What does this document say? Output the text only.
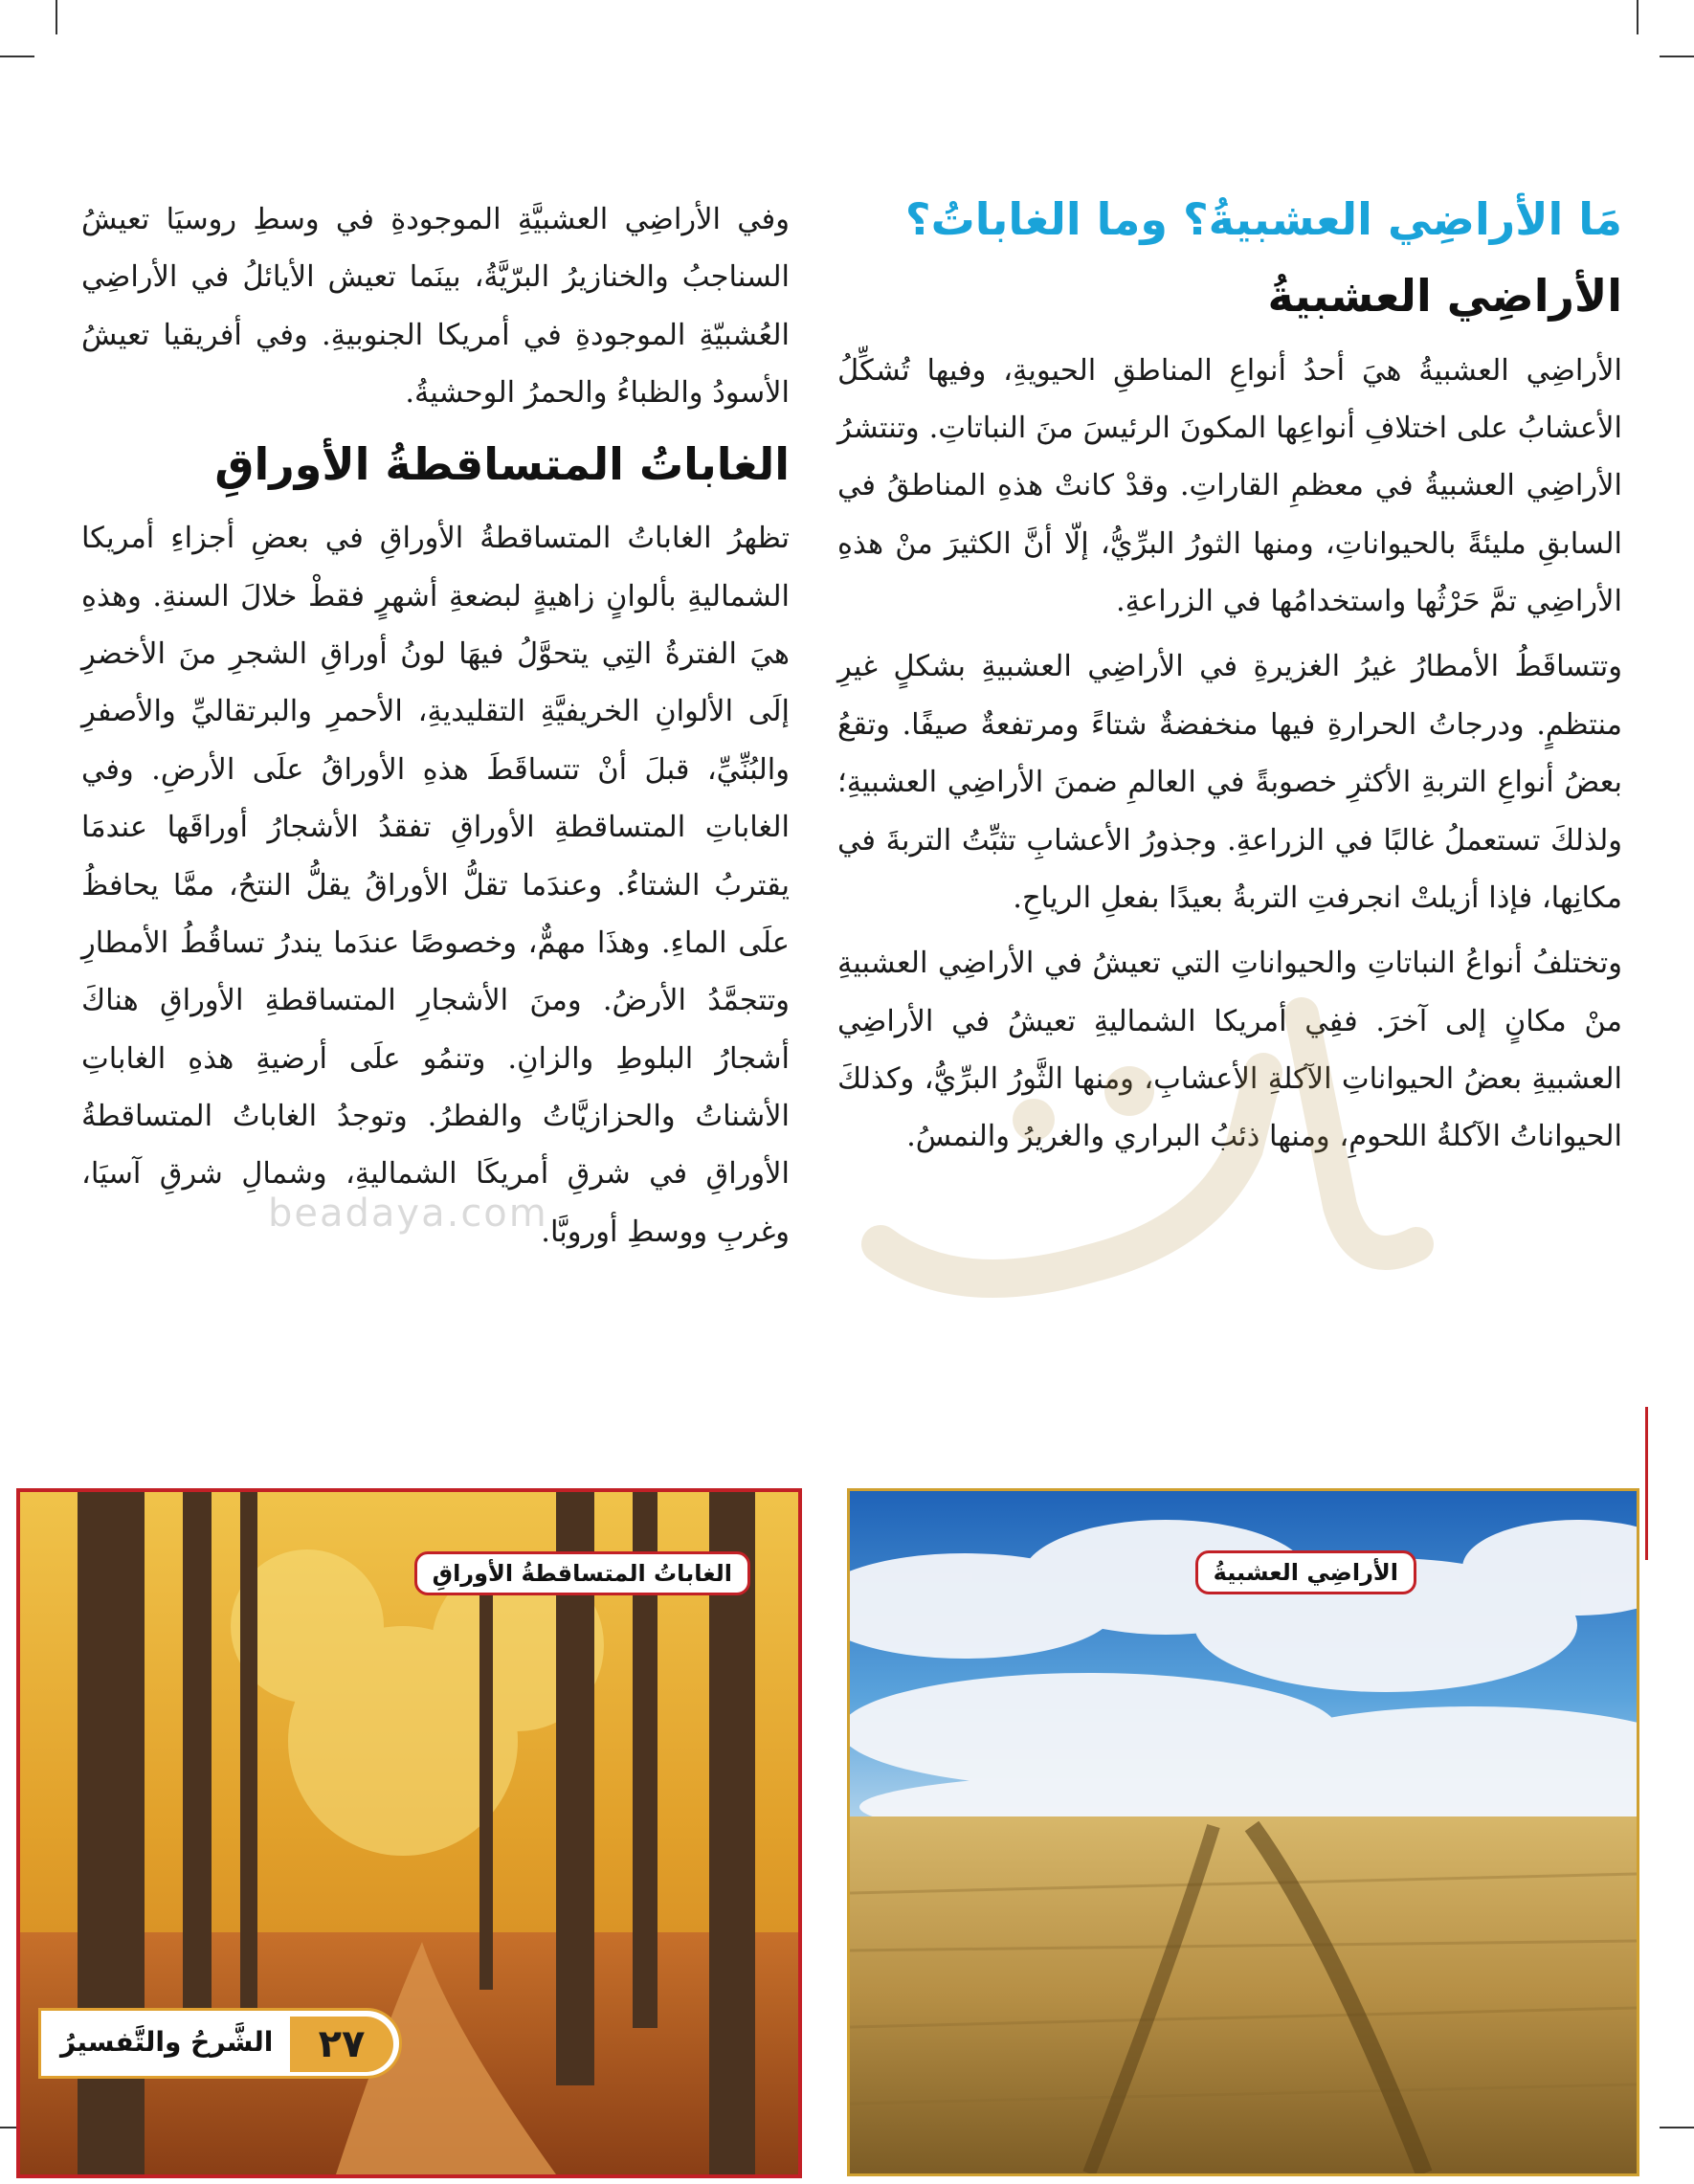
مَا الأراضِي العشبيةُ؟ وما الغاباتُ؟
الأراضِي العشبيةُ

الأراضِي العشبيةُ هيَ أحدُ أنواعِ المناطقِ الحيويةِ، وفيها تُشكِّلُ الأعشابُ على اختلافِ أنواعِها المكونَ الرئيسَ منَ النباتاتِ. وتنتشرُ الأراضِي العشبيةُ في معظمِ القاراتِ. وقدْ كانتْ هذهِ المناطقُ في السابقِ مليئةً بالحيواناتِ، ومنها الثورُ البرِّيُّ، إلّا أنَّ الكثيرَ منْ هذهِ الأراضِي تمَّ حَرْثُها واستخدامُها في الزراعةِ.

وتتساقَطُ الأمطارُ غيرُ الغزيرةِ في الأراضِي العشبيةِ بشكلٍ غيرِ منتظمٍ. ودرجاتُ الحرارةِ فيها منخفضةٌ شتاءً ومرتفعةٌ صيفًا. وتقعُ بعضُ أنواعِ التربةِ الأكثرِ خصوبةً في العالمِ ضمنَ الأراضِي العشبيةِ؛ ولذلكَ تستعملُ غالبًا في الزراعةِ. وجذورُ الأعشابِ تثبِّتُ التربةَ في مكانِها، فإذا أزيلتْ انجرفتِ التربةُ بعيدًا بفعلِ الرياحِ.

وتختلفُ أنواعُ النباتاتِ والحيواناتِ التي تعيشُ في الأراضِي العشبيةِ منْ مكانٍ إلى آخرَ. ففِي أمريكا الشماليةِ تعيشُ في الأراضِي العشبيةِ بعضُ الحيواناتِ الآكلةِ الأعشابِ، ومنها الثَّورُ البرِّيُّ، وكذلكَ الحيواناتُ الآكلةُ اللحومِ، ومنها ذئبُ البراري والغريرُ والنمسُ.

وفي الأراضِي العشبيَّةِ الموجودةِ في وسطِ روسيَا تعيشُ السناجبُ والخنازيرُ البرّيَّةُ، بينَما تعيش الأيائلُ في الأراضِي العُشبيّةِ الموجودةِ في أمريكا الجنوبيةِ. وفي أفريقيا تعيشُ الأسودُ والظباءُ والحمرُ الوحشيةُ.

الغاباتُ المتساقطةُ الأوراقِ

تظهرُ الغاباتُ المتساقطةُ الأوراقِ في بعضِ أجزاءِ أمريكا الشماليةِ بألوانٍ زاهيةٍ لبضعةِ أشهرٍ فقطْ خلالَ السنةِ. وهذهِ هيَ الفترةُ التِي يتحوَّلُ فيهَا لونُ أوراقِ الشجرِ منَ الأخضرِ إلَى الألوانِ الخريفيَّةِ التقليديةِ، الأحمرِ والبرتقاليِّ والأصفرِ والبُنِّيِّ، قبلَ أنْ تتساقَطَ هذهِ الأوراقُ علَى الأرضِ. وفي الغاباتِ المتساقطةِ الأوراقِ تفقدُ الأشجارُ أوراقَها عندمَا يقتربُ الشتاءُ. وعندَما تقلُّ الأوراقُ يقلُّ النتحُ، ممَّا يحافظُ علَى الماءِ. وهذَا مهمٌّ، وخصوصًا عندَما يندرُ تساقُطُ الأمطارِ وتتجمَّدُ الأرضُ. ومنَ الأشجارِ المتساقطةِ الأوراقِ هناكَ أشجارُ البلوطِ والزانِ. وتنمُو علَى أرضيةِ هذهِ الغاباتِ الأشناتُ والحزازيَّاتُ والفطرُ. وتوجدُ الغاباتُ المتساقطةُ الأوراقِ في شرقِ أمريكَا الشماليةِ، وشمالِ شرقِ آسيَا، وغربِ ووسطِ أوروبَّا.

beadaya.com
الأراضِي العشبيةُ
الغاباتُ المتساقطةُ الأوراقِ
الشَّرحُ والتَّفسيرُ	٢٧
